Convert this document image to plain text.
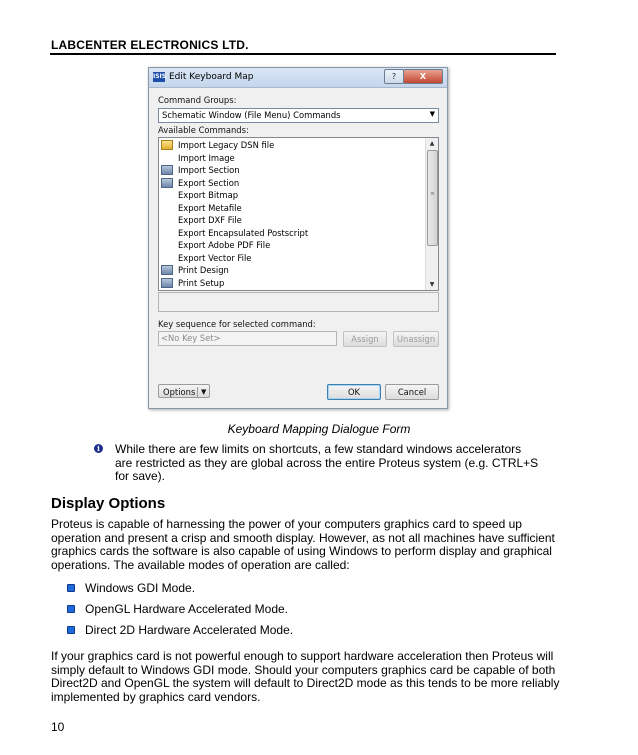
LABCENTER ELECTRONICS LTD.
ISIS Edit Keyboard Map	?	X
Command Groups:
Schematic Window (File Menu) Commands	▼
Available Commands:
Import Legacy DSN file
Import Image
Import Section
Export Section
Export Bitmap
Export Metafile
Export DXF File
Export Encapsulated Postscript
Export Adobe PDF File
Export Vector File
Print Design
Print Setup
▲
≡
▼
Key sequence for selected command:
<No Key Set>	Assign	Unassign
Options ▼	OK	Cancel
Keyboard Mapping Dialogue Form
i While there are few limits on shortcuts, a few standard windows accelerators are restricted as they are global across the entire Proteus system (e.g. CTRL+S for save).
Display Options
Proteus is capable of harnessing the power of your computers graphics card to speed up operation and present a crisp and smooth display. However, as not all machines have sufficient graphics cards the software is also capable of using Windows to perform display and graphical operations. The available modes of operation are called:
Windows GDI Mode.
OpenGL Hardware Accelerated Mode.
Direct 2D Hardware Accelerated Mode.
If your graphics card is not powerful enough to support hardware acceleration then Proteus will simply default to Windows GDI mode. Should your computers graphics card be capable of both Direct2D and OpenGL the system will default to Direct2D mode as this tends to be more reliably implemented by graphics card vendors.
10
